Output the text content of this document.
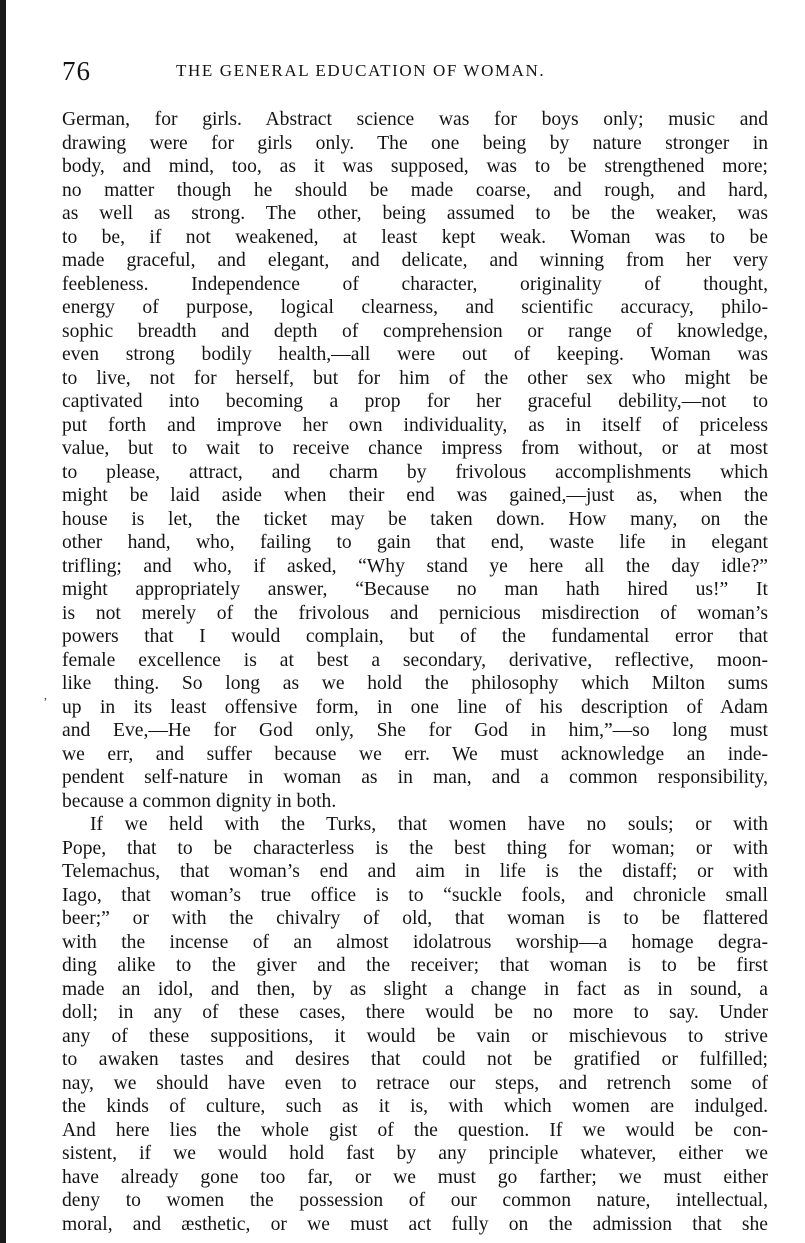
76	THE GENERAL EDUCATION OF WOMAN.
German, for girls. Abstract science was for boys only; music and
drawing were for girls only. The one being by nature stronger in
body, and mind, too, as it was supposed, was to be strengthened more;
no matter though he should be made coarse, and rough, and hard,
as well as strong. The other, being assumed to be the weaker, was
to be, if not weakened, at least kept weak. Woman was to be
made graceful, and elegant, and delicate, and winning from her very
feebleness. Independence of character, originality of thought,
energy of purpose, logical clearness, and scientific accuracy, philo-
sophic breadth and depth of comprehension or range of knowledge,
even strong bodily health,—all were out of keeping. Woman was
to live, not for herself, but for him of the other sex who might be
captivated into becoming a prop for her graceful debility,—not to
put forth and improve her own individuality, as in itself of priceless
value, but to wait to receive chance impress from without, or at most
to please, attract, and charm by frivolous accomplishments which
might be laid aside when their end was gained,—just as, when the
house is let, the ticket may be taken down. How many, on the
other hand, who, failing to gain that end, waste life in elegant
trifling; and who, if asked, “Why stand ye here all the day idle?”
might appropriately answer, “Because no man hath hired us!” It
is not merely of the frivolous and pernicious misdirection of woman’s
powers that I would complain, but of the fundamental error that
female excellence is at best a secondary, derivative, reflective, moon-
like thing. So long as we hold the philosophy which Milton sums
up in its least offensive form, in one line of his description of Adam
and Eve,—He for God only, She for God in him,”—so long must
we err, and suffer because we err. We must acknowledge an inde-
pendent self-nature in woman as in man, and a common responsibility,
because a common dignity in both.
If we held with the Turks, that women have no souls; or with
Pope, that to be characterless is the best thing for woman; or with
Telemachus, that woman’s end and aim in life is the distaff; or with
Iago, that woman’s true office is to “suckle fools, and chronicle small
beer;” or with the chivalry of old, that woman is to be flattered
with the incense of an almost idolatrous worship—a homage degra-
ding alike to the giver and the receiver; that woman is to be first
made an idol, and then, by as slight a change in fact as in sound, a
doll; in any of these cases, there would be no more to say. Under
any of these suppositions, it would be vain or mischievous to strive
to awaken tastes and desires that could not be gratified or fulfilled;
nay, we should have even to retrace our steps, and retrench some of
the kinds of culture, such as it is, with which women are indulged.
And here lies the whole gist of the question. If we would be con-
sistent, if we would hold fast by any principle whatever, either we
have already gone too far, or we must go farther; we must either
deny to women the possession of our common nature, intellectual,
moral, and æsthetic, or we must act fully on the admission that she
,
